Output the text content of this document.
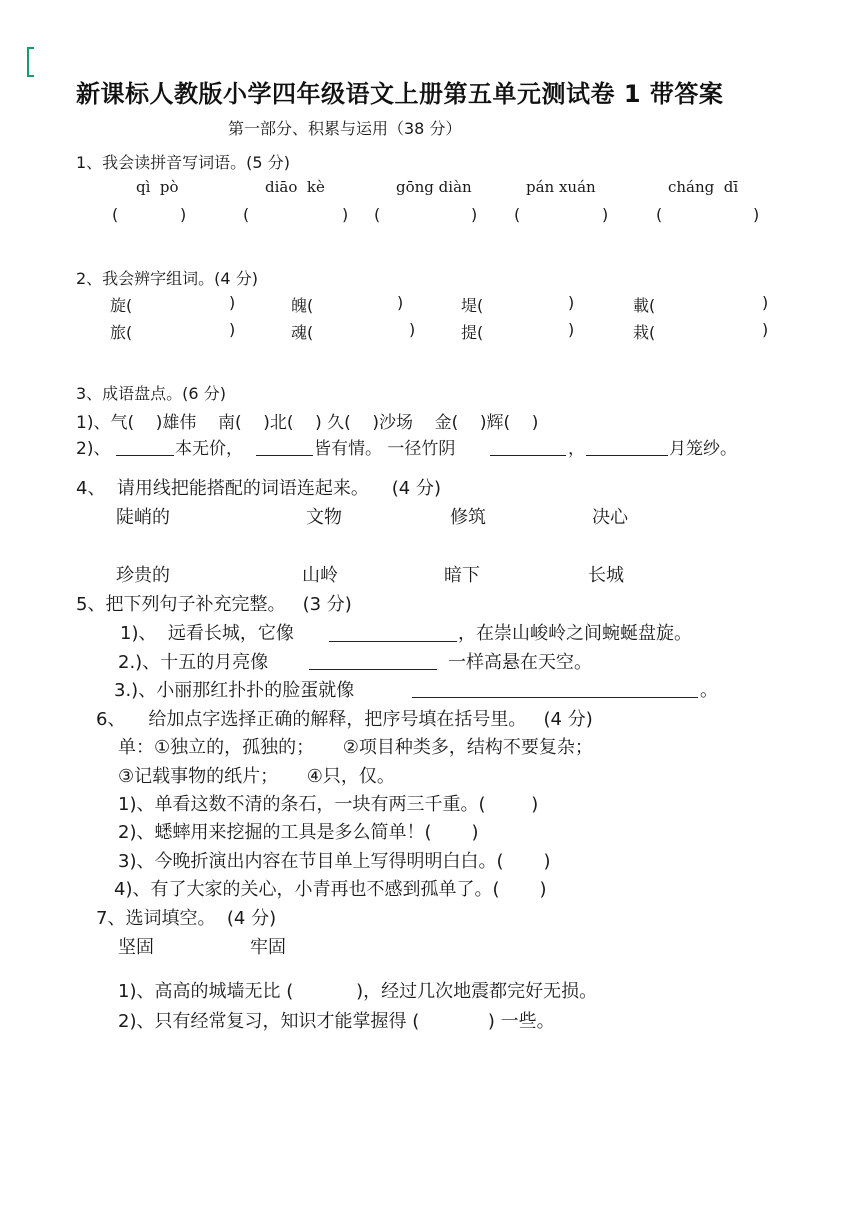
新课标人教版小学四年级语文上册第五单元测试卷 1 带答案
第一部分、积累与运用（38 分）
1、我会读拼音写词语。(5 分)
qì  pò	diāo  kè	gōng diàn	pán xuán	cháng  dī
(	)	(	) (	) (	)	(	)
2、我会辨字组词。(4 分)
旋(	)	魄(	)	堤(	)	載(	)
旅(	)	魂(	)	提(	)	栽(	)
3、成语盘点。(6 分)
1)、气(    )雄伟    南(    )北(    ) 久(    )沙场    金(    )辉(    )
2)、	本无价，	皆有情。 一径竹阴	，	月笼纱。
4、  请用线把能搭配的词语连起来。    (4 分)
陡峭的	文物	修筑	决心
珍贵的	山岭	暗下	长城
5、把下列句子补充完整。   (3 分)
1)、  远看长城，它像	，在崇山峻岭之间蜿蜒盘旋。
2.)、十五的月亮像	一样高悬在天空。
3.)、小丽那红扑扑的脸蛋就像	。
6、    给加点字选择正确的解释，把序号填在括号里。   (4 分)
单：①独立的，孤独的；     ②项目种类多，结构不要复杂；
③记载事物的纸片；     ④只，仅。
1)、单看这数不清的条石，一块有两三千重。(        )
2)、蟋蟀用来挖掘的工具是多么简单！(       )
3)、今晚折演出内容在节目单上写得明明白白。(       )
4)、有了大家的关心，小青再也不感到孤单了。(       )
7、选词填空。  (4 分)
坚固	牢固
1)、高高的城墙无比 (           )，经过几次地震都完好无损。
2)、只有经常复习，知识才能掌握得 (            ) 一些。
